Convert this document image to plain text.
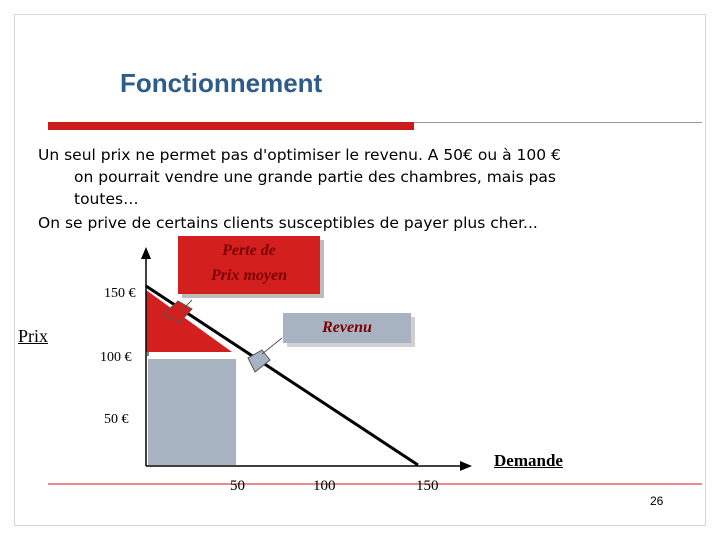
Fonctionnement
Un seul prix ne permet pas d'optimiser le revenu. A 50€ ou à 100 €
on pourrait vendre une grande partie des chambres, mais pas
toutes…
On se prive de certains clients susceptibles de payer plus cher...
Perte de
Prix moyen
Revenu
150 €
100 €
50 €
Prix
Demande
50	100	150
26
